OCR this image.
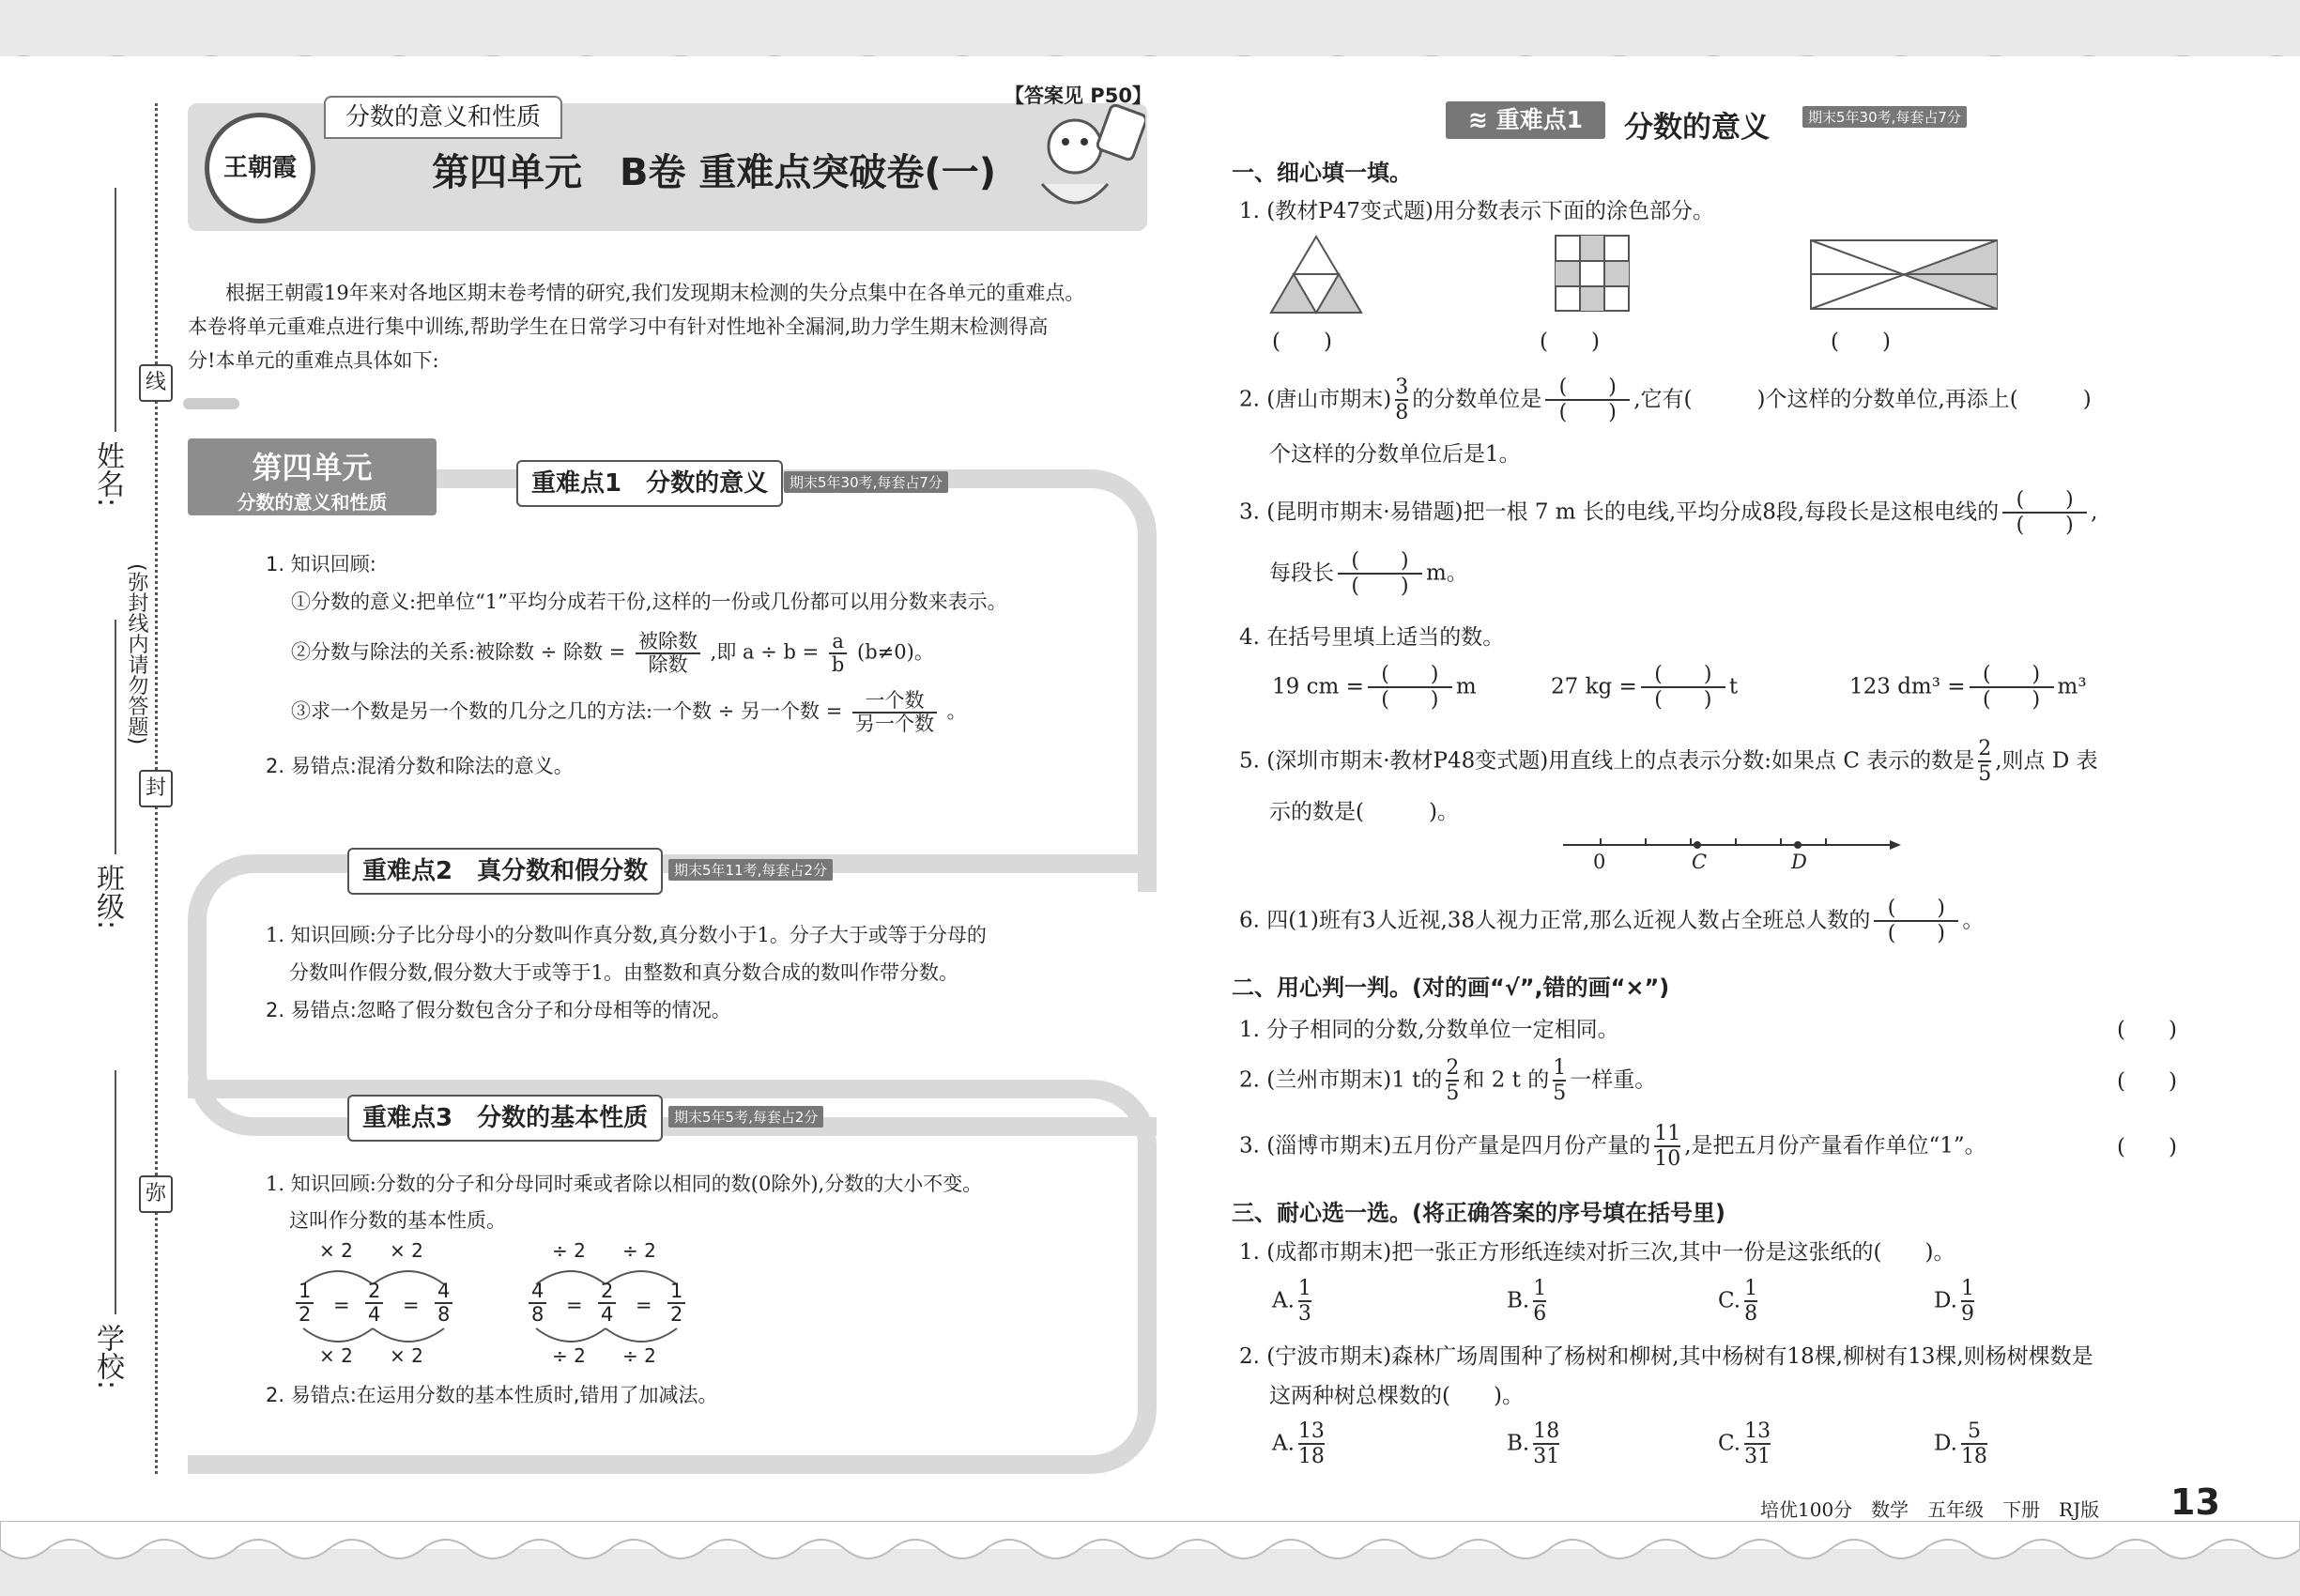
姓名:
(弥封线内请勿答题)
线
封
弥
班级:
学校:
分数的意义和性质
【答案见 P50】
王朝霞	第四单元　B卷 重难点突破卷(一)
根据王朝霞19年来对各地区期末卷考情的研究,我们发现期末检测的失分点集中在各单元的重难点。
本卷将单元重难点进行集中训练,帮助学生在日常学习中有针对性地补全漏洞,助力学生期末检测得高
分!本单元的重难点具体如下:
第四单元
分数的意义和性质
重难点1　分数的意义	期末5年30考,每套占7分
1. 知识回顾:
①分数的意义:把单位“1”平均分成若干份,这样的一份或几份都可以用分数来表示。
②分数与除法的关系:被除数 ÷ 除数 = $\frac{\text{被除数}}{\text{除数}}$ ,即 $a \div b = \frac{a}{b} (b\ne 0)$。
③求一个数是另一个数的几分之几的方法:一个数 ÷ 另一个数 = $\frac{\text{一个数}}{\text{另一个数}}$ 。
2. 易错点:混淆分数和除法的意义。
重难点2　真分数和假分数	期末5年11考,每套占2分
1. 知识回顾:分子比分母小的分数叫作真分数,真分数小于1。分子大于或等于分母的
分数叫作假分数,假分数大于或等于1。由整数和真分数合成的数叫作带分数。
2. 易错点:忽略了假分数包含分子和分母相等的情况。
重难点3　分数的基本性质	期末5年5考,每套占2分
1. 知识回顾:分数的分子和分母同时乘或者除以相同的数(0除外),分数的大小不变。
这叫作分数的基本性质。
× 2 × 2
× 2 × 2
$\frac{1}{2} = \frac{2}{4} = \frac{4}{8}$
÷ 2 ÷ 2
÷ 2 ÷ 2
$\frac{4}{8} = \frac{2}{4} = \frac{1}{2}$
2. 易错点:在运用分数的基本性质时,错用了加减法。
≋ 重难点1	分数的意义	期末5年30考,每套占7分
一、细心填一填。
1. (教材P47变式题)用分数表示下面的涂色部分。
(　　)	(　　)	(　　)
2. (唐山市期末) $\frac{3}{8}$ 的分数单位是 (　　)
(　　),它有(　　　)个这样的分数单位,再添上(　　　)
个这样的分数单位后是1。
3. (昆明市期末·易错题)把一根 7 m 长的电线,平均分成8段,每段长是这根电线的 (　　)
(　　),
每段长 (　　)
(　　)m。
4. 在括号里填上适当的数。
19 cm = (　　)
(　　)m	27 kg = (　　)
(　　)t	123 dm³ = (　　)
(　　)m³
5. (深圳市期末·教材P48变式题)用直线上的点表示分数:如果点 C 表示的数是 $\frac{2}{5}$ ,则点 D 表
示的数是(　　　)。
0	C	D
6. 四(1)班有3人近视,38人视力正常,那么近视人数占全班总人数的 (　　)
(　　)。
二、用心判一判。(对的画“√”,错的画“×”)
1. 分子相同的分数,分数单位一定相同。	(　　)
2. (兰州市期末)1 t的 $\frac{2}{5}$ 和 2 t 的 $\frac{1}{5}$ 一样重。	(　　)
3. (淄博市期末)五月份产量是四月份产量的 $\frac{11}{10}$ ,是把五月份产量看作单位“1”。	(　　)
三、耐心选一选。(将正确答案的序号填在括号里)
1. (成都市期末)把一张正方形纸连续对折三次,其中一份是这张纸的(　　)。
A. $\frac{1}{3}$	B. $\frac{1}{6}$	C. $\frac{1}{8}$	D. $\frac{1}{9}$
2. (宁波市期末)森林广场周围种了杨树和柳树,其中杨树有18棵,柳树有13棵,则杨树棵数是
这两种树总棵数的(　　)。
A. $\frac{13}{18}$	B. $\frac{18}{31}$	C. $\frac{13}{31}$	D. $\frac{5}{18}$
培优100分　数学　五年级　下册　RJ版 13
